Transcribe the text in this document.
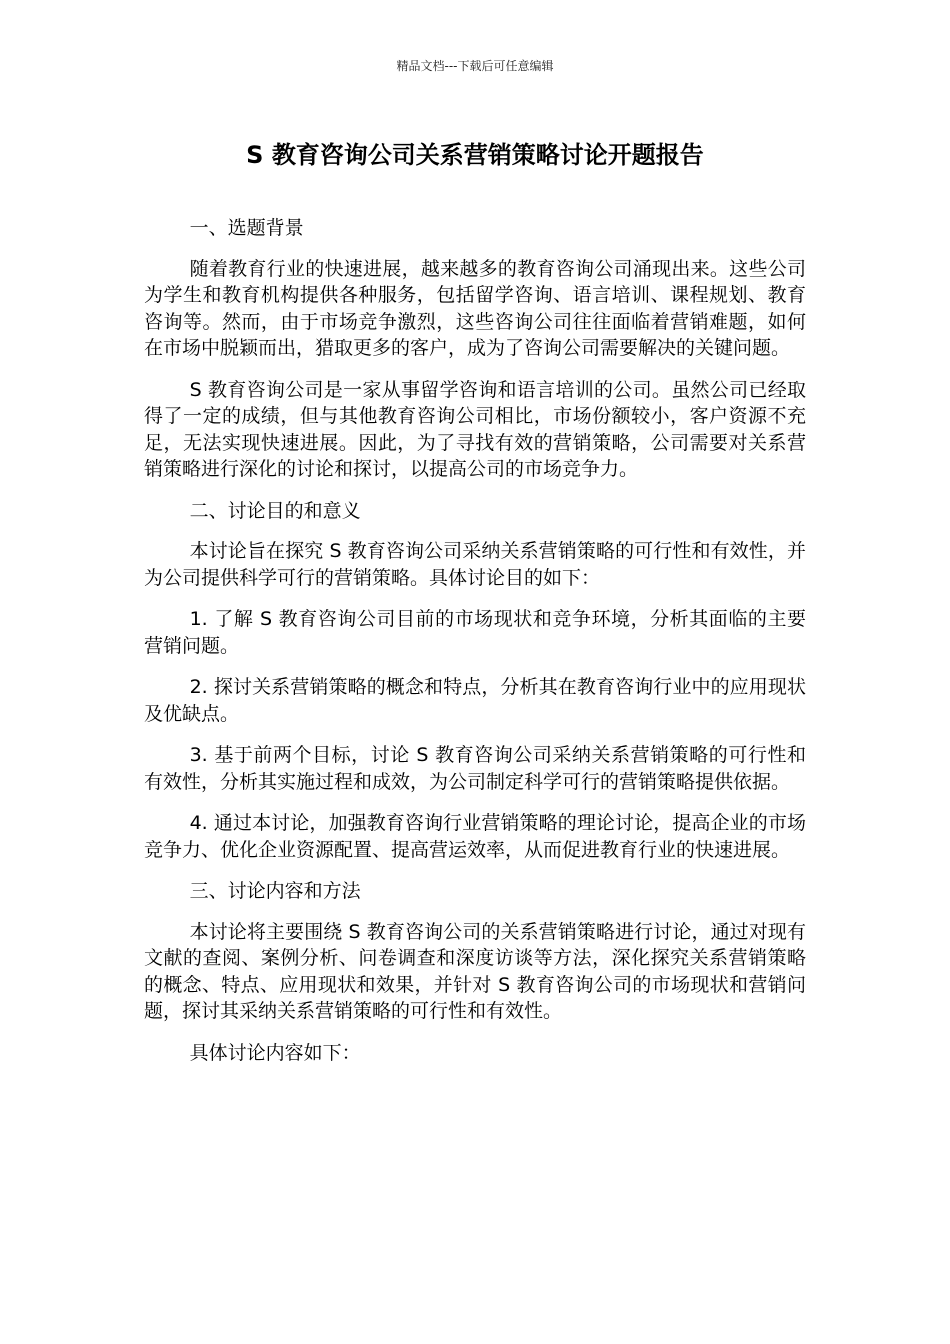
精品文档---下载后可任意编辑
S 教育咨询公司关系营销策略讨论开题报告

一、选题背景

随着教育行业的快速进展，越来越多的教育咨询公司涌现出来。这些公司为学生和教育机构提供各种服务，包括留学咨询、语言培训、课程规划、教育咨询等。然而，由于市场竞争激烈，这些咨询公司往往面临着营销难题，如何在市场中脱颖而出，猎取更多的客户，成为了咨询公司需要解决的关键问题。

S 教育咨询公司是一家从事留学咨询和语言培训的公司。虽然公司已经取得了一定的成绩，但与其他教育咨询公司相比，市场份额较小，客户资源不充足，无法实现快速进展。因此，为了寻找有效的营销策略，公司需要对关系营销策略进行深化的讨论和探讨，以提高公司的市场竞争力。

二、讨论目的和意义

本讨论旨在探究 S 教育咨询公司采纳关系营销策略的可行性和有效性，并为公司提供科学可行的营销策略。具体讨论目的如下：

1. 了解 S 教育咨询公司目前的市场现状和竞争环境，分析其面临的主要营销问题。

2. 探讨关系营销策略的概念和特点，分析其在教育咨询行业中的应用现状及优缺点。

3. 基于前两个目标，讨论 S 教育咨询公司采纳关系营销策略的可行性和有效性，分析其实施过程和成效，为公司制定科学可行的营销策略提供依据。

4. 通过本讨论，加强教育咨询行业营销策略的理论讨论，提高企业的市场竞争力、优化企业资源配置、提高营运效率，从而促进教育行业的快速进展。

三、讨论内容和方法

本讨论将主要围绕 S 教育咨询公司的关系营销策略进行讨论，通过对现有文献的查阅、案例分析、问卷调查和深度访谈等方法，深化探究关系营销策略的概念、特点、应用现状和效果，并针对 S 教育咨询公司的市场现状和营销问题，探讨其采纳关系营销策略的可行性和有效性。

具体讨论内容如下：
